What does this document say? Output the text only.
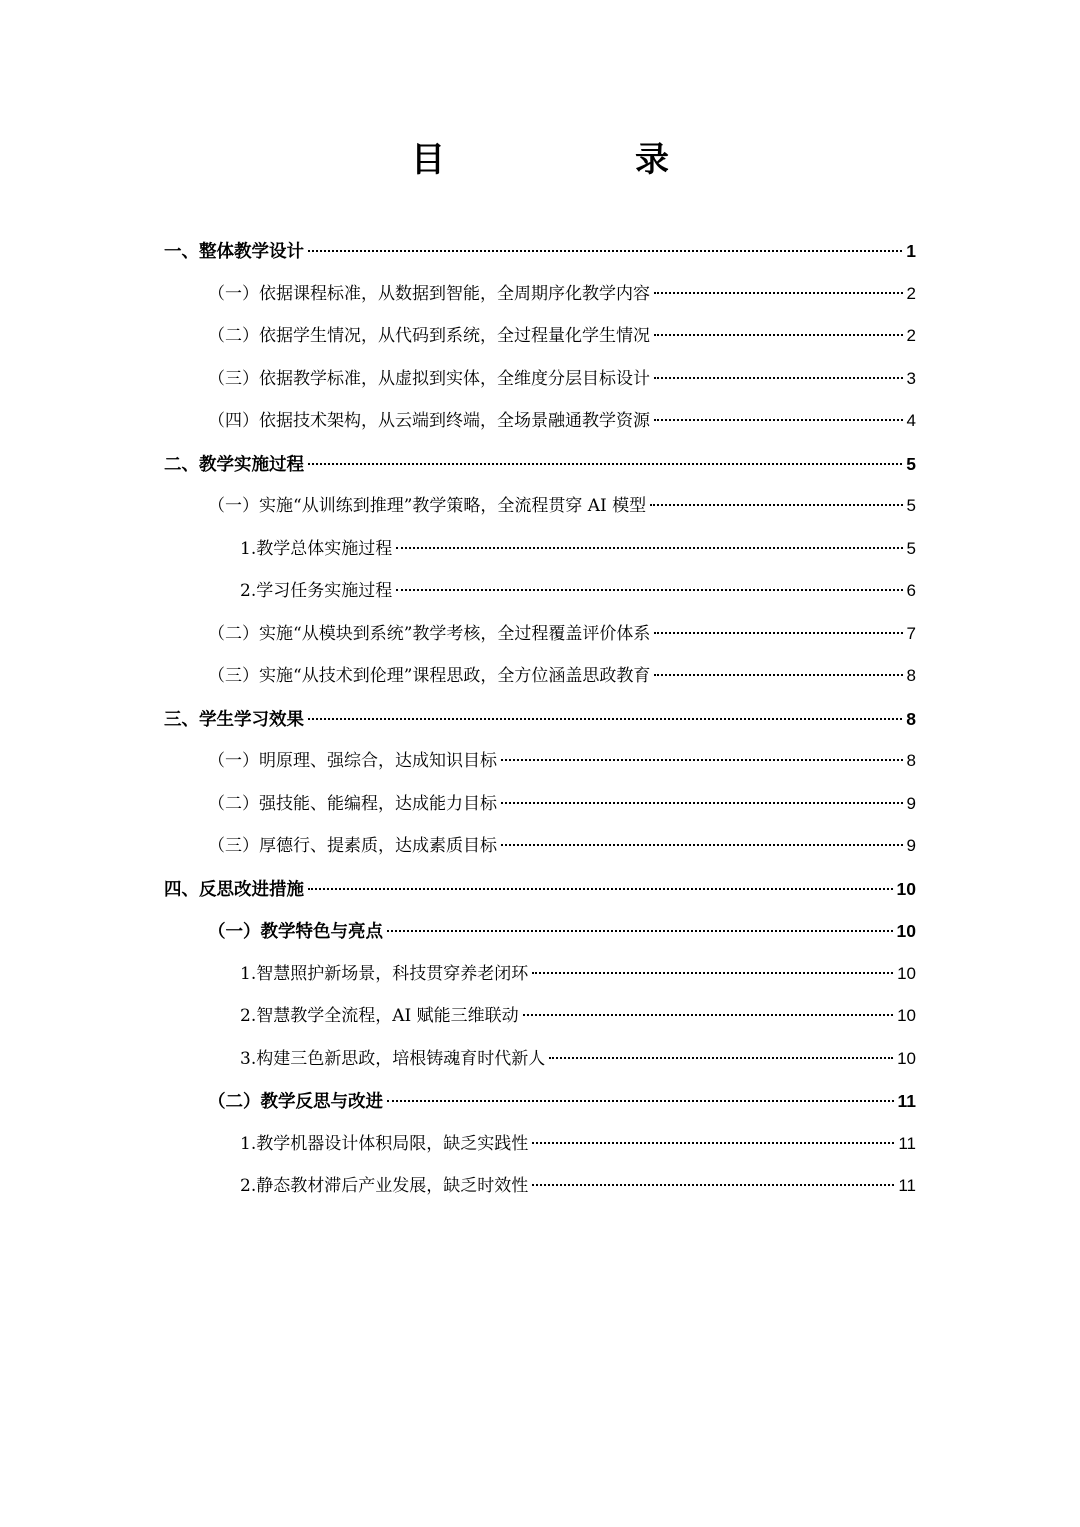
目　录
一、整体教学设计	1
（一）依据课程标准，从数据到智能，全周期序化教学内容	2
（二）依据学生情况，从代码到系统，全过程量化学生情况	2
（三）依据教学标准，从虚拟到实体，全维度分层目标设计	3
（四）依据技术架构，从云端到终端，全场景融通教学资源	4
二、教学实施过程	5
（一）实施“从训练到推理”教学策略，全流程贯穿 AI 模型	5
1.教学总体实施过程	5
2.学习任务实施过程	6
（二）实施“从模块到系统”教学考核，全过程覆盖评价体系	7
（三）实施“从技术到伦理”课程思政，全方位涵盖思政教育	8
三、学生学习效果	8
（一）明原理、强综合，达成知识目标	8
（二）强技能、能编程，达成能力目标	9
（三）厚德行、提素质，达成素质目标	9
四、反思改进措施	10
（一）教学特色与亮点	10
1.智慧照护新场景，科技贯穿养老闭环	10
2.智慧教学全流程，AI 赋能三维联动	10
3.构建三色新思政，培根铸魂育时代新人	10
（二）教学反思与改进	11
1.教学机器设计体积局限，缺乏实践性	11
2.静态教材滞后产业发展，缺乏时效性	11
